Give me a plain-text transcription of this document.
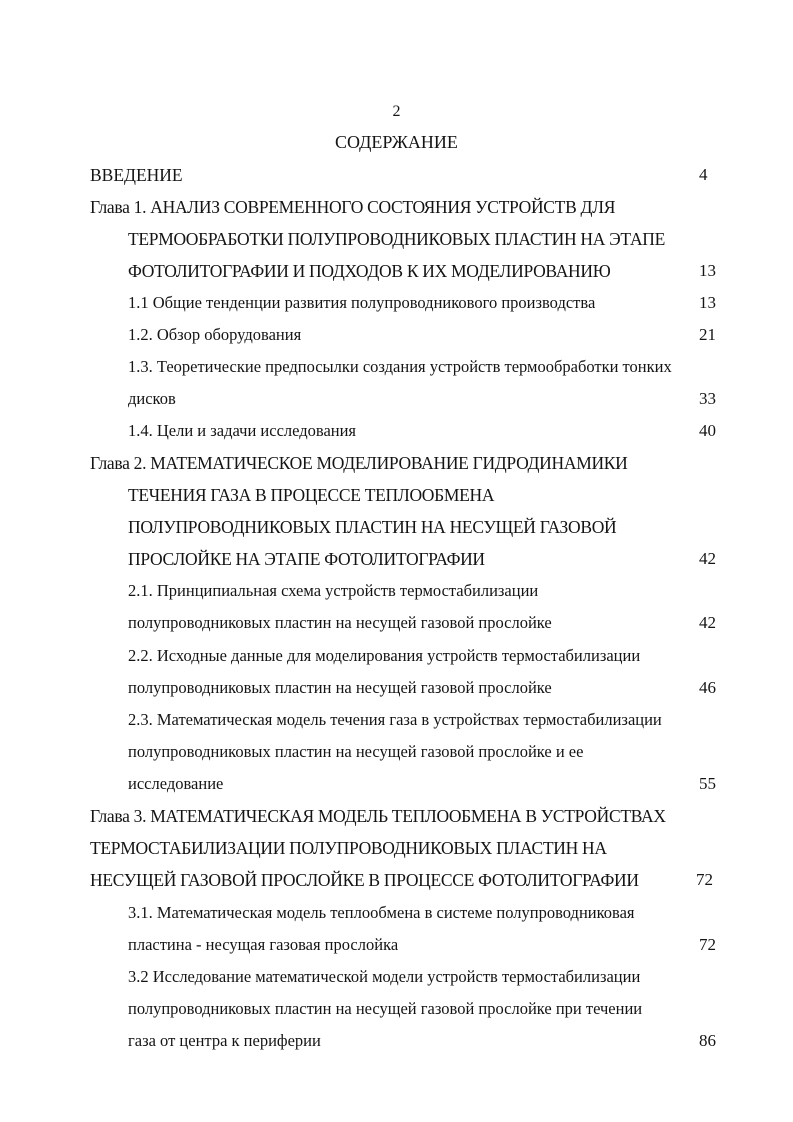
2
СОДЕРЖАНИЕ
ВВЕДЕНИЕ	4
Глава 1. АНАЛИЗ СОВРЕМЕННОГО СОСТОЯНИЯ УСТРОЙСТВ ДЛЯ
ТЕРМООБРАБОТКИ ПОЛУПРОВОДНИКОВЫХ ПЛАСТИН НА ЭТАПЕ
ФОТОЛИТОГРАФИИ И ПОДХОДОВ К ИХ МОДЕЛИРОВАНИЮ	13
1.1 Общие тенденции развития полупроводникового производства	13
1.2. Обзор оборудования	21
1.3. Теоретические предпосылки создания устройств термообработки тонких
дисков	33
1.4. Цели и задачи исследования	40
Глава 2. МАТЕМАТИЧЕСКОЕ МОДЕЛИРОВАНИЕ ГИДРОДИНАМИКИ
ТЕЧЕНИЯ ГАЗА В ПРОЦЕССЕ ТЕПЛООБМЕНА
ПОЛУПРОВОДНИКОВЫХ ПЛАСТИН НА НЕСУЩЕЙ ГАЗОВОЙ
ПРОСЛОЙКЕ НА ЭТАПЕ ФОТОЛИТОГРАФИИ	42
2.1. Принципиальная схема устройств термостабилизации
полупроводниковых пластин на несущей газовой прослойке	42
2.2. Исходные данные для моделирования устройств термостабилизации
полупроводниковых пластин на несущей газовой прослойке	46
2.3. Математическая модель течения газа в устройствах термостабилизации
полупроводниковых пластин на несущей газовой прослойке и ее
исследование	55
Глава 3. МАТЕМАТИЧЕСКАЯ МОДЕЛЬ ТЕПЛООБМЕНА В УСТРОЙСТВАХ
ТЕРМОСТАБИЛИЗАЦИИ ПОЛУПРОВОДНИКОВЫХ ПЛАСТИН НА
НЕСУЩЕЙ ГАЗОВОЙ ПРОСЛОЙКЕ В ПРОЦЕССЕ ФОТОЛИТОГРАФИИ	72
3.1. Математическая модель теплообмена в системе полупроводниковая
пластина - несущая газовая прослойка	72
3.2 Исследование математической модели устройств термостабилизации
полупроводниковых пластин на несущей газовой прослойке при течении
газа от центра к периферии	86
